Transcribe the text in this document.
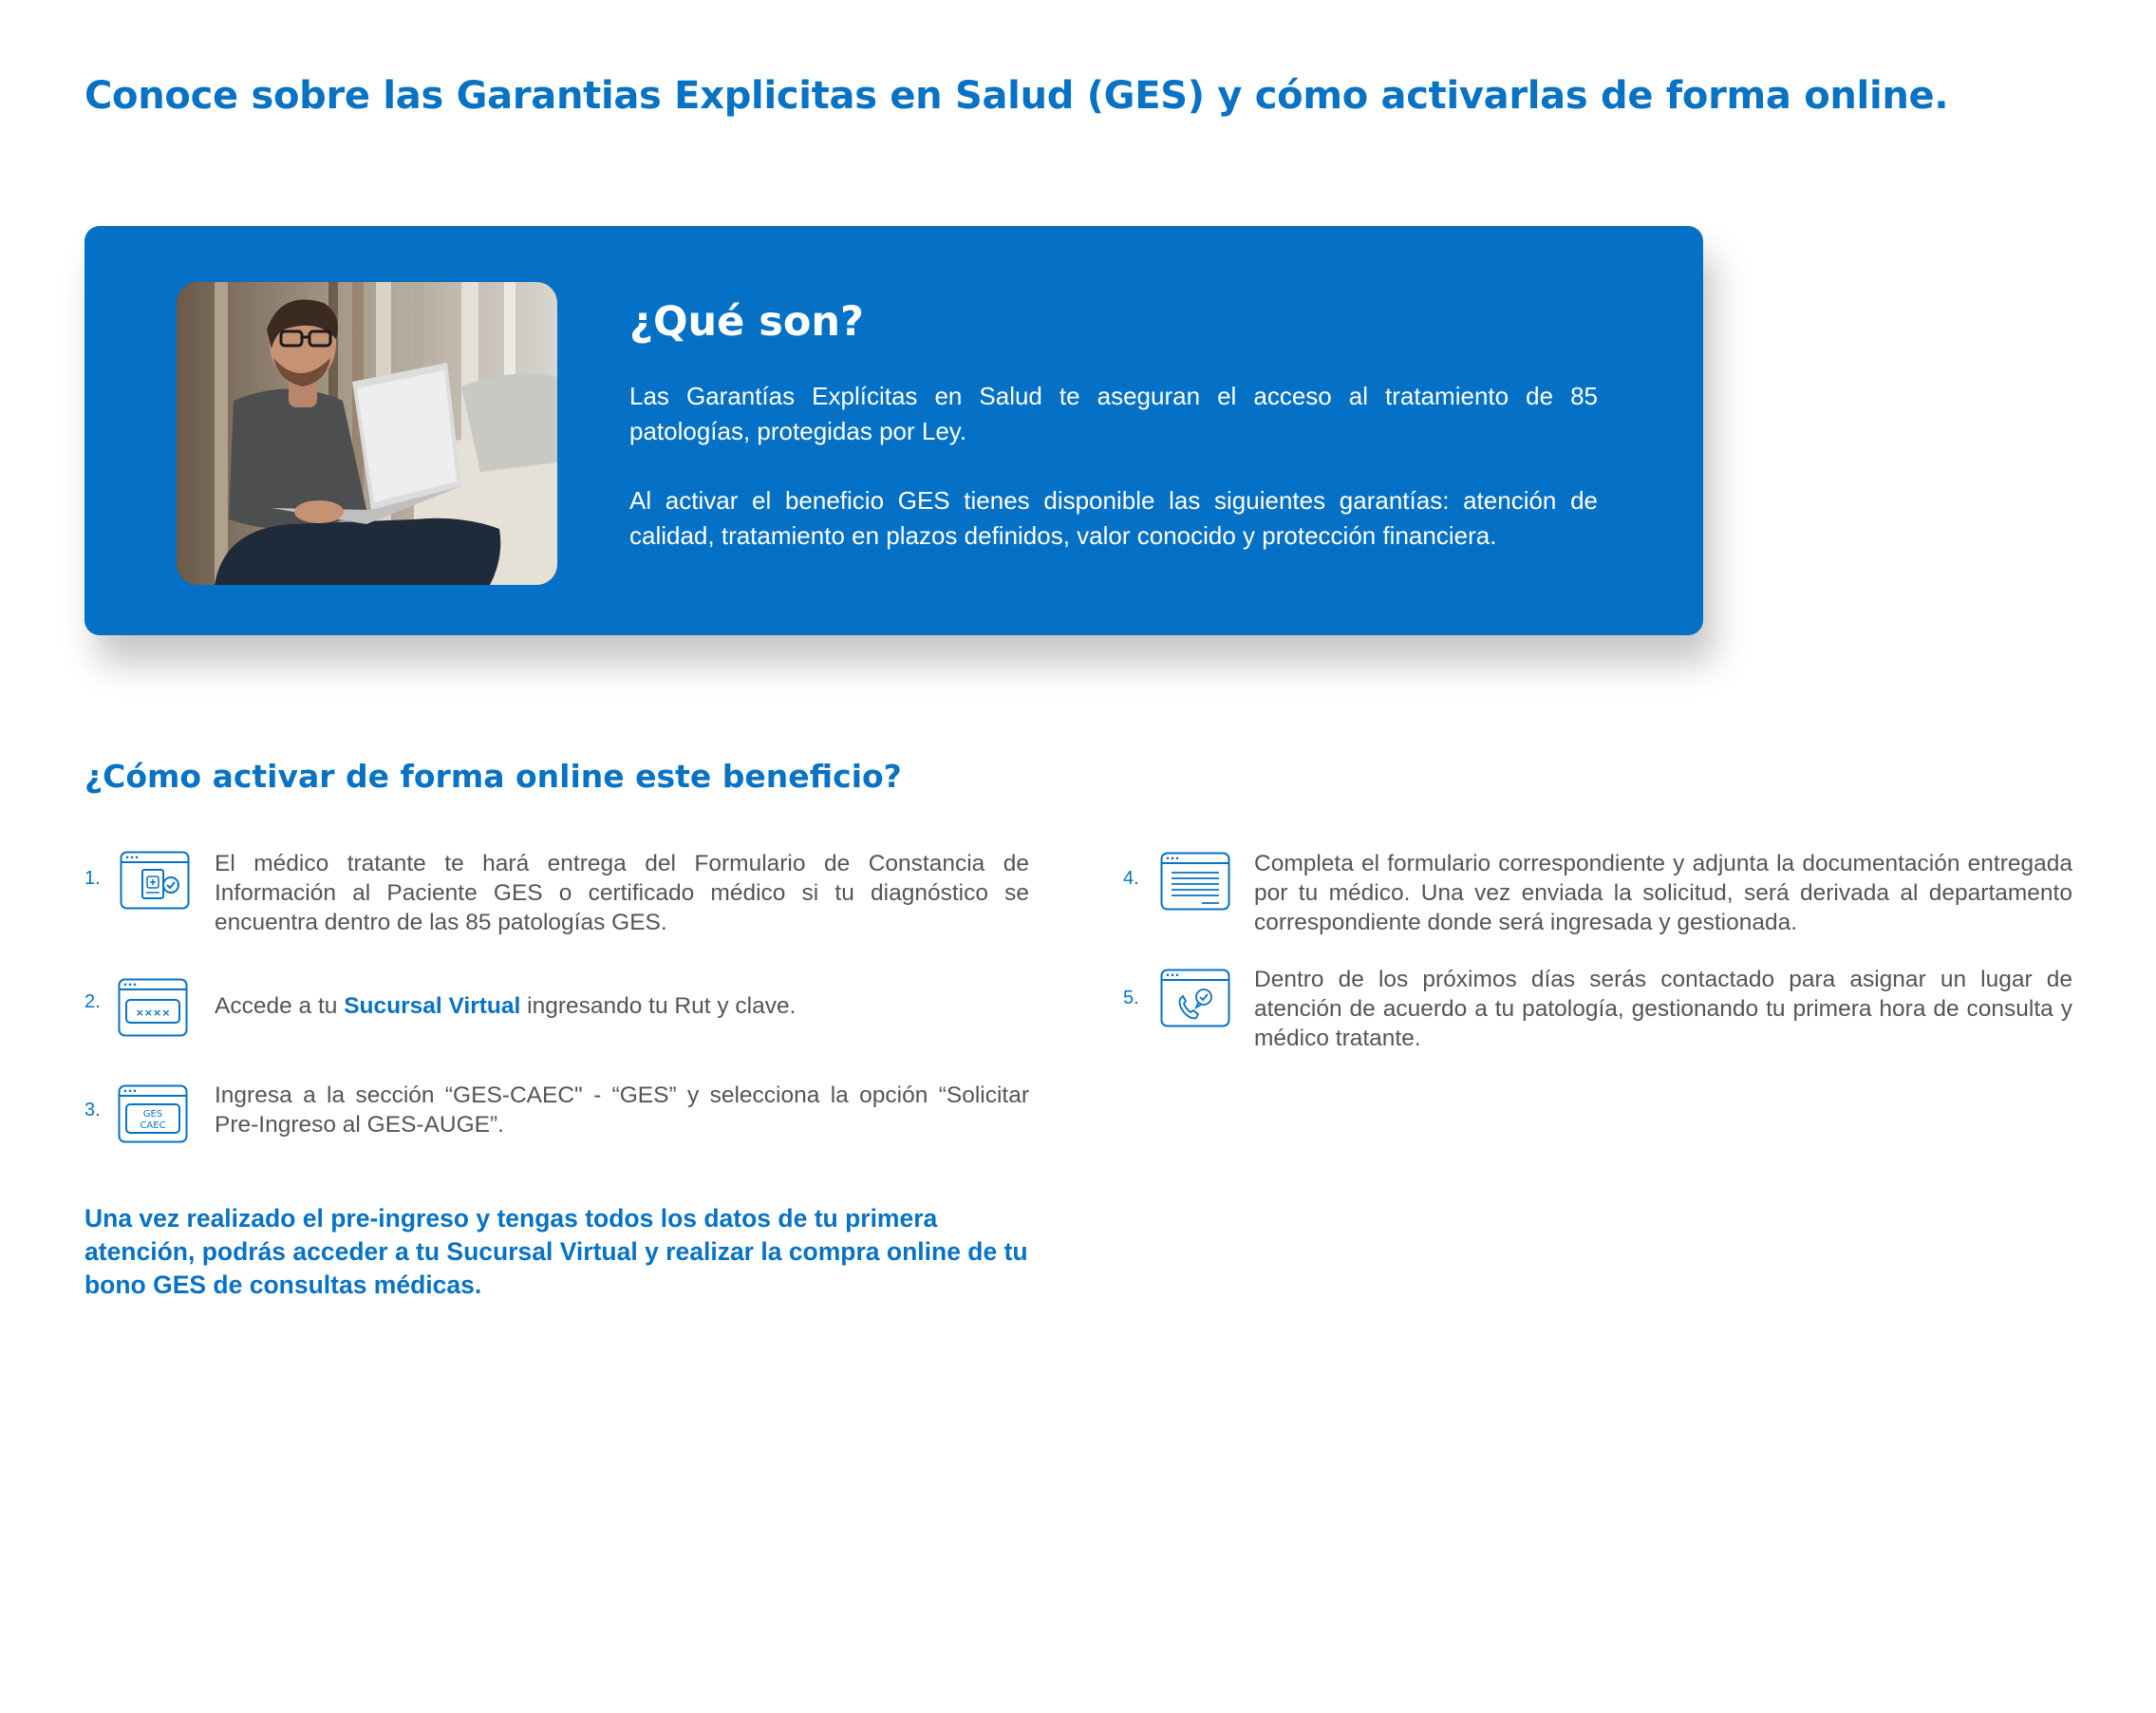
Conoce sobre las Garantias Explicitas en Salud (GES) y cómo activarlas de forma online.
¿Qué son?

Las Garantías Explícitas en Salud te aseguran el acceso al tratamiento de 85 patologías, protegidas por Ley.

Al activar el beneficio GES tienes disponible las siguientes garantías: atención de calidad, tratamiento en plazos definidos, valor conocido y protección financiera.

¿Cómo activar de forma online este beneficio?
1.

El médico tratante te hará entrega del Formulario de Constancia de Información al Paciente GES o certificado médico si tu diagnóstico se encuentra dentro de las 85 patologías GES.

2.
×××× Accede a tu Sucursal Virtual ingresando tu Rut y clave.

3.	GES
CAEC

Ingresa a la sección “GES-CAEC" - “GES” y selecciona la opción “Solicitar Pre-Ingreso al GES-AUGE”.

4.

Completa el formulario correspondiente y adjunta la documentación entregada por tu médico. Una vez enviada la solicitud, será derivada al departamento correspondiente donde será ingresada y gestionada.

5.

Dentro de los próximos días serás contactado para asignar un lugar de atención de acuerdo a tu patología, gestionando tu primera hora de consulta y médico tratante.

Una vez realizado el pre-ingreso y tengas todos los datos de tu primera atención, podrás acceder a tu Sucursal Virtual y realizar la compra online de tu bono GES de consultas médicas.
